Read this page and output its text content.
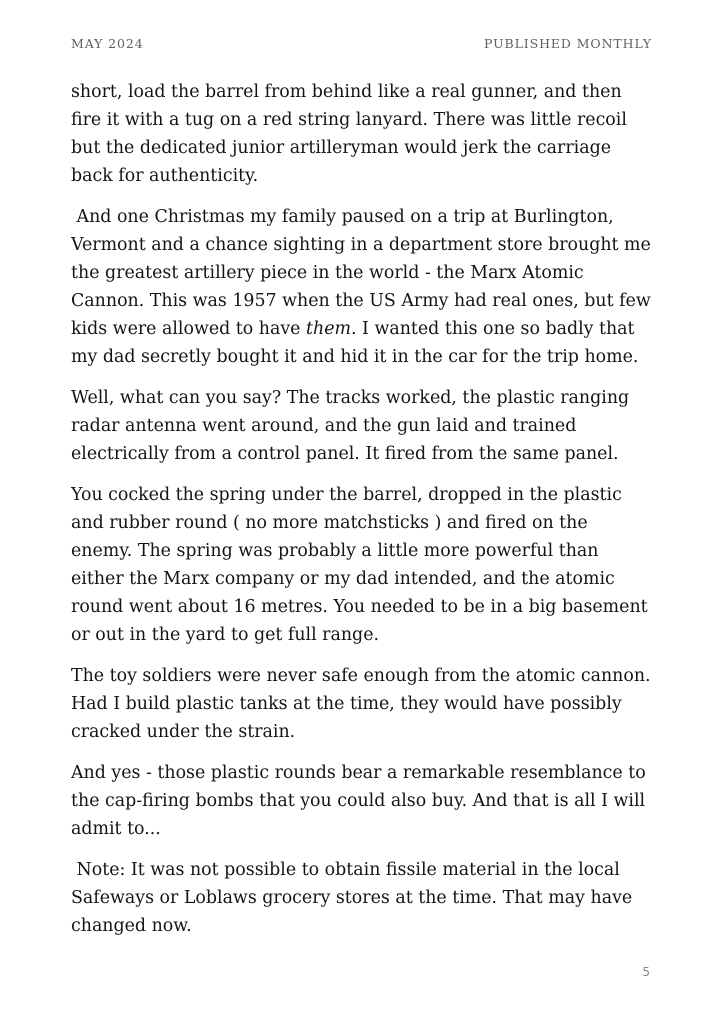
MAY 2024	PUBLISHED MONTHLY

short, load the barrel from behind like a real gunner, and then fire it with a tug on a red string lanyard. There was little recoil but the dedicated junior artilleryman would jerk the carriage back for authenticity.

And one Christmas my family paused on a trip at Burlington, Vermont and a chance sighting in a department store brought me the greatest artillery piece in the world - the Marx Atomic Cannon. This was 1957 when the US Army had real ones, but few kids were allowed to have them. I wanted this one so badly that my dad secretly bought it and hid it in the car for the trip home.

Well, what can you say? The tracks worked, the plastic ranging radar antenna went around, and the gun laid and trained electrically from a control panel. It fired from the same panel.

You cocked the spring under the barrel, dropped in the plastic and rubber round ( no more matchsticks ) and fired on the enemy. The spring was probably a little more powerful than either the Marx company or my dad intended, and the atomic round went about 16 metres. You needed to be in a big basement or out in the yard to get full range.

The toy soldiers were never safe enough from the atomic cannon. Had I build plastic tanks at the time, they would have possibly cracked under the strain.

And yes - those plastic rounds bear a remarkable resemblance to the cap-firing bombs that you could also buy. And that is all I will admit to...

Note: It was not possible to obtain fissile material in the local Safeways or Loblaws grocery stores at the time. That may have changed now.

5
